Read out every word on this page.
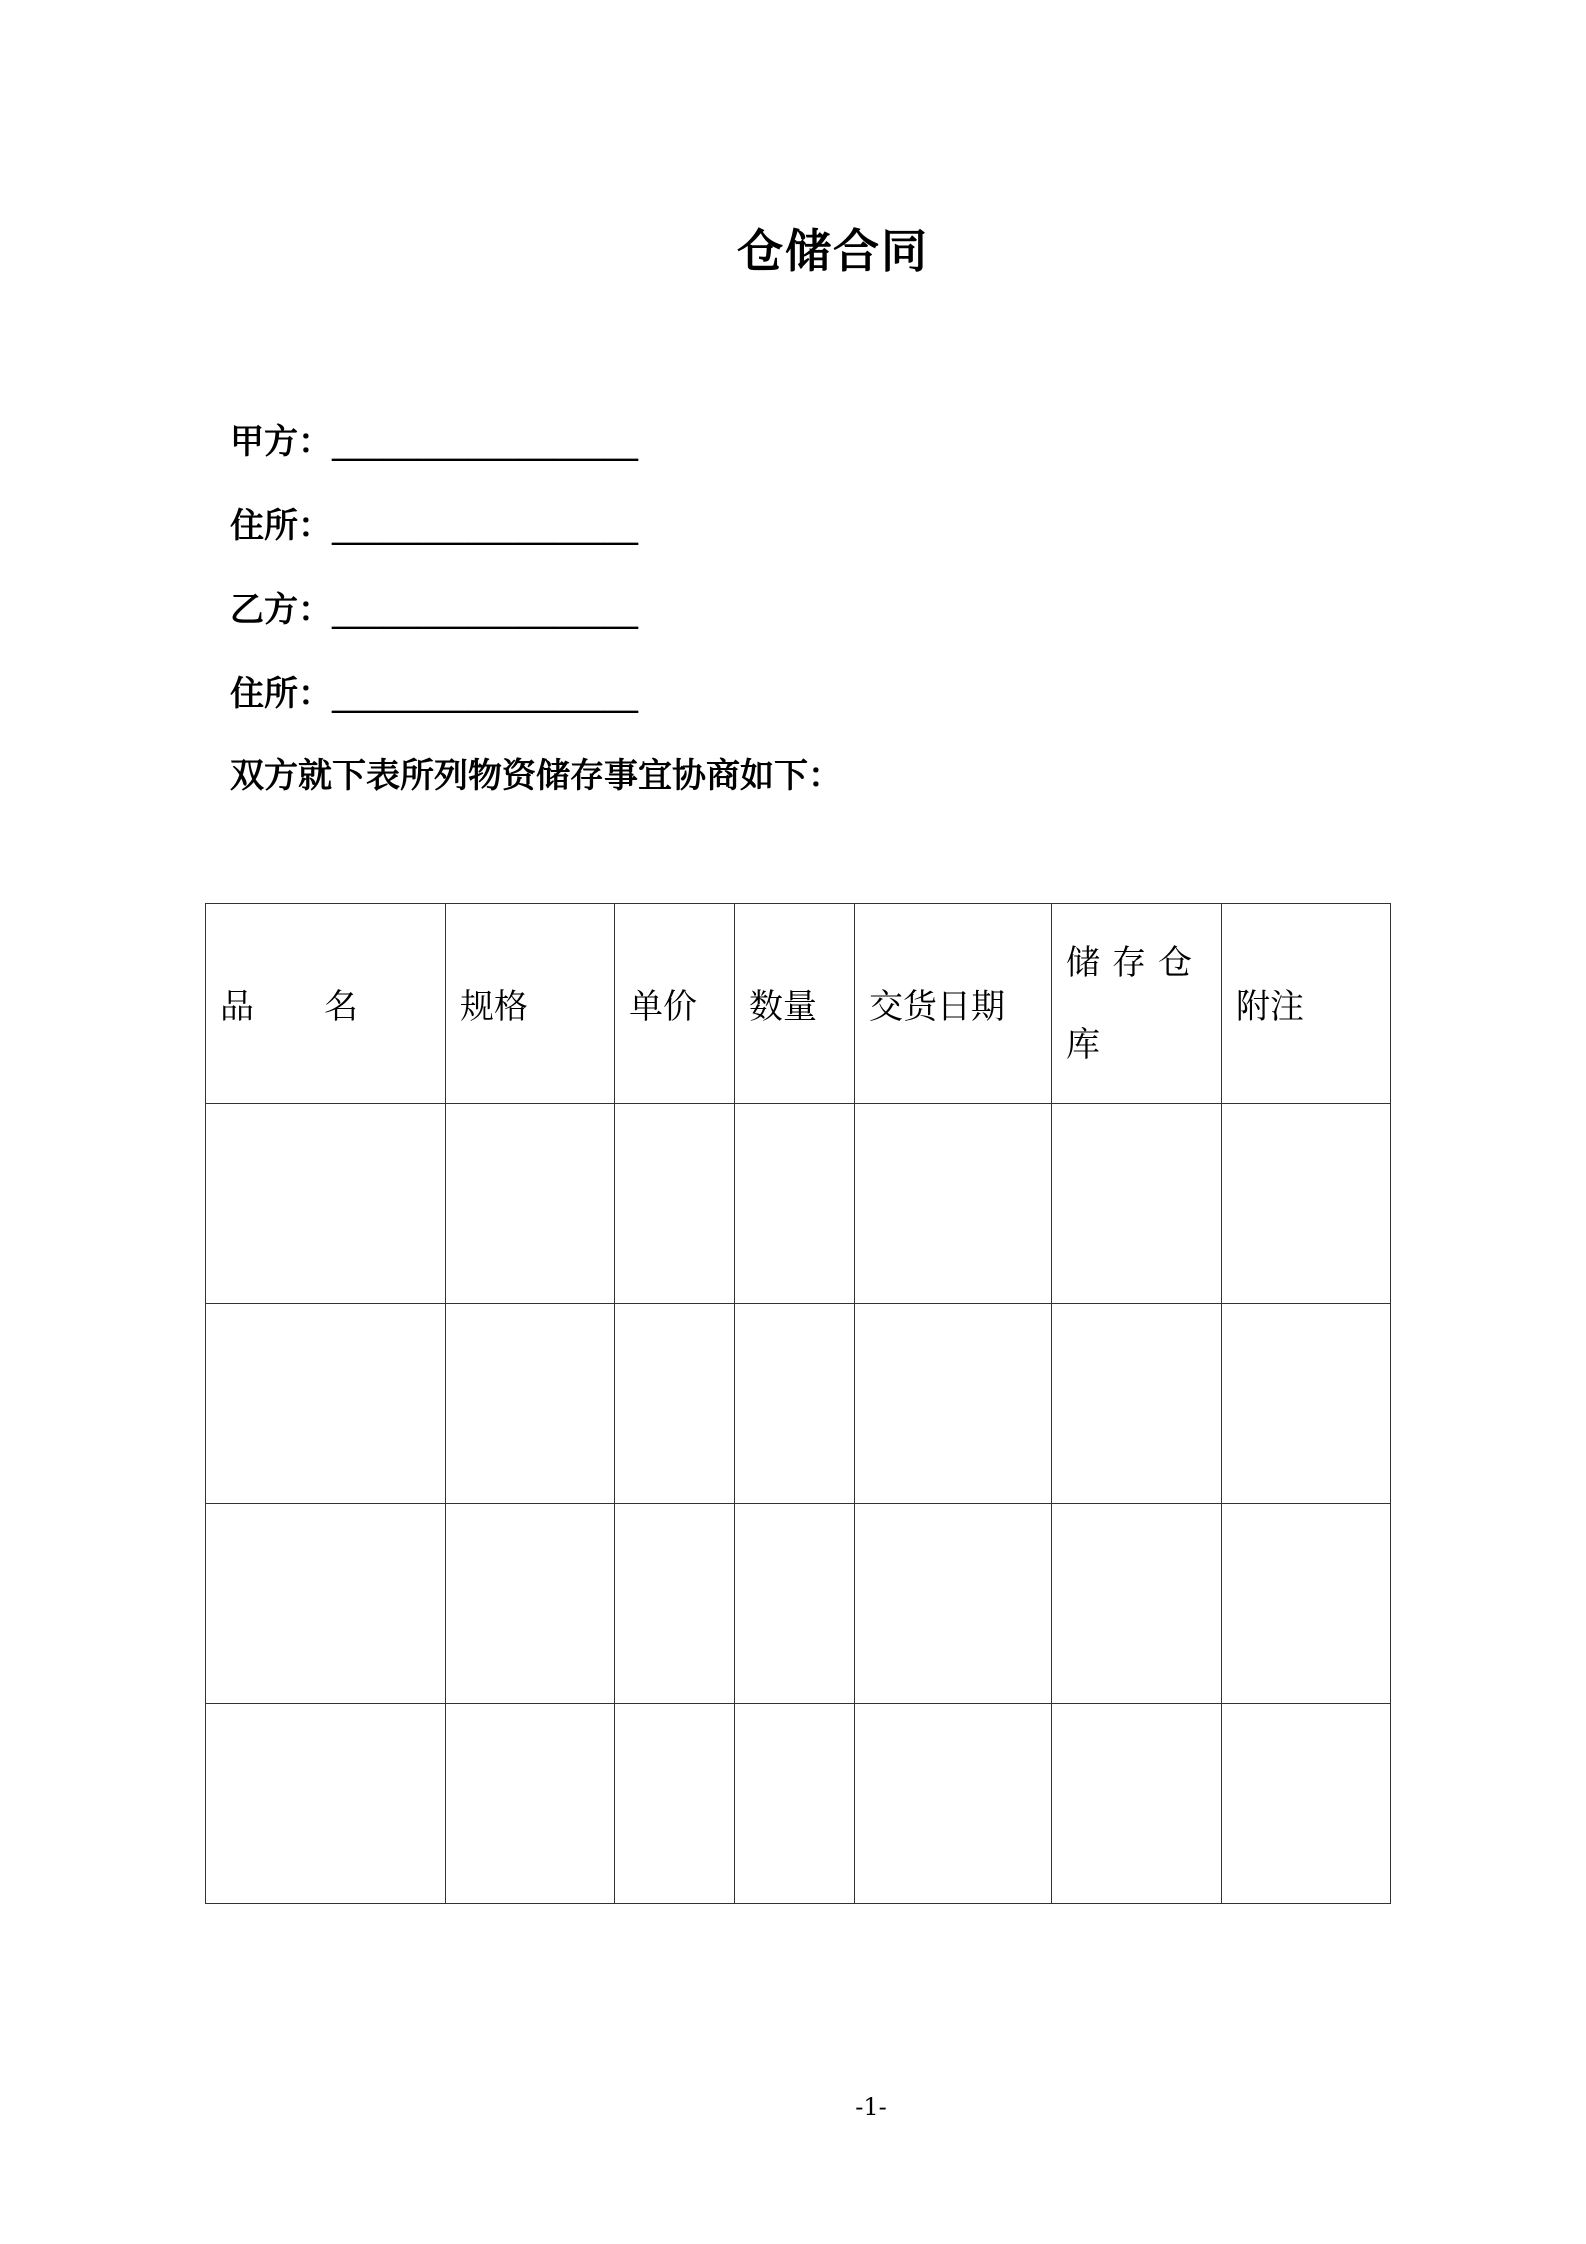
仓储合同
甲方：__________________
住所：__________________
乙方：__________________
住所：__________________
双方就下表所列物资储存事宜协商如下：
品名	规格	单价	数量	交货日期	储存仓库	附注

-1-
